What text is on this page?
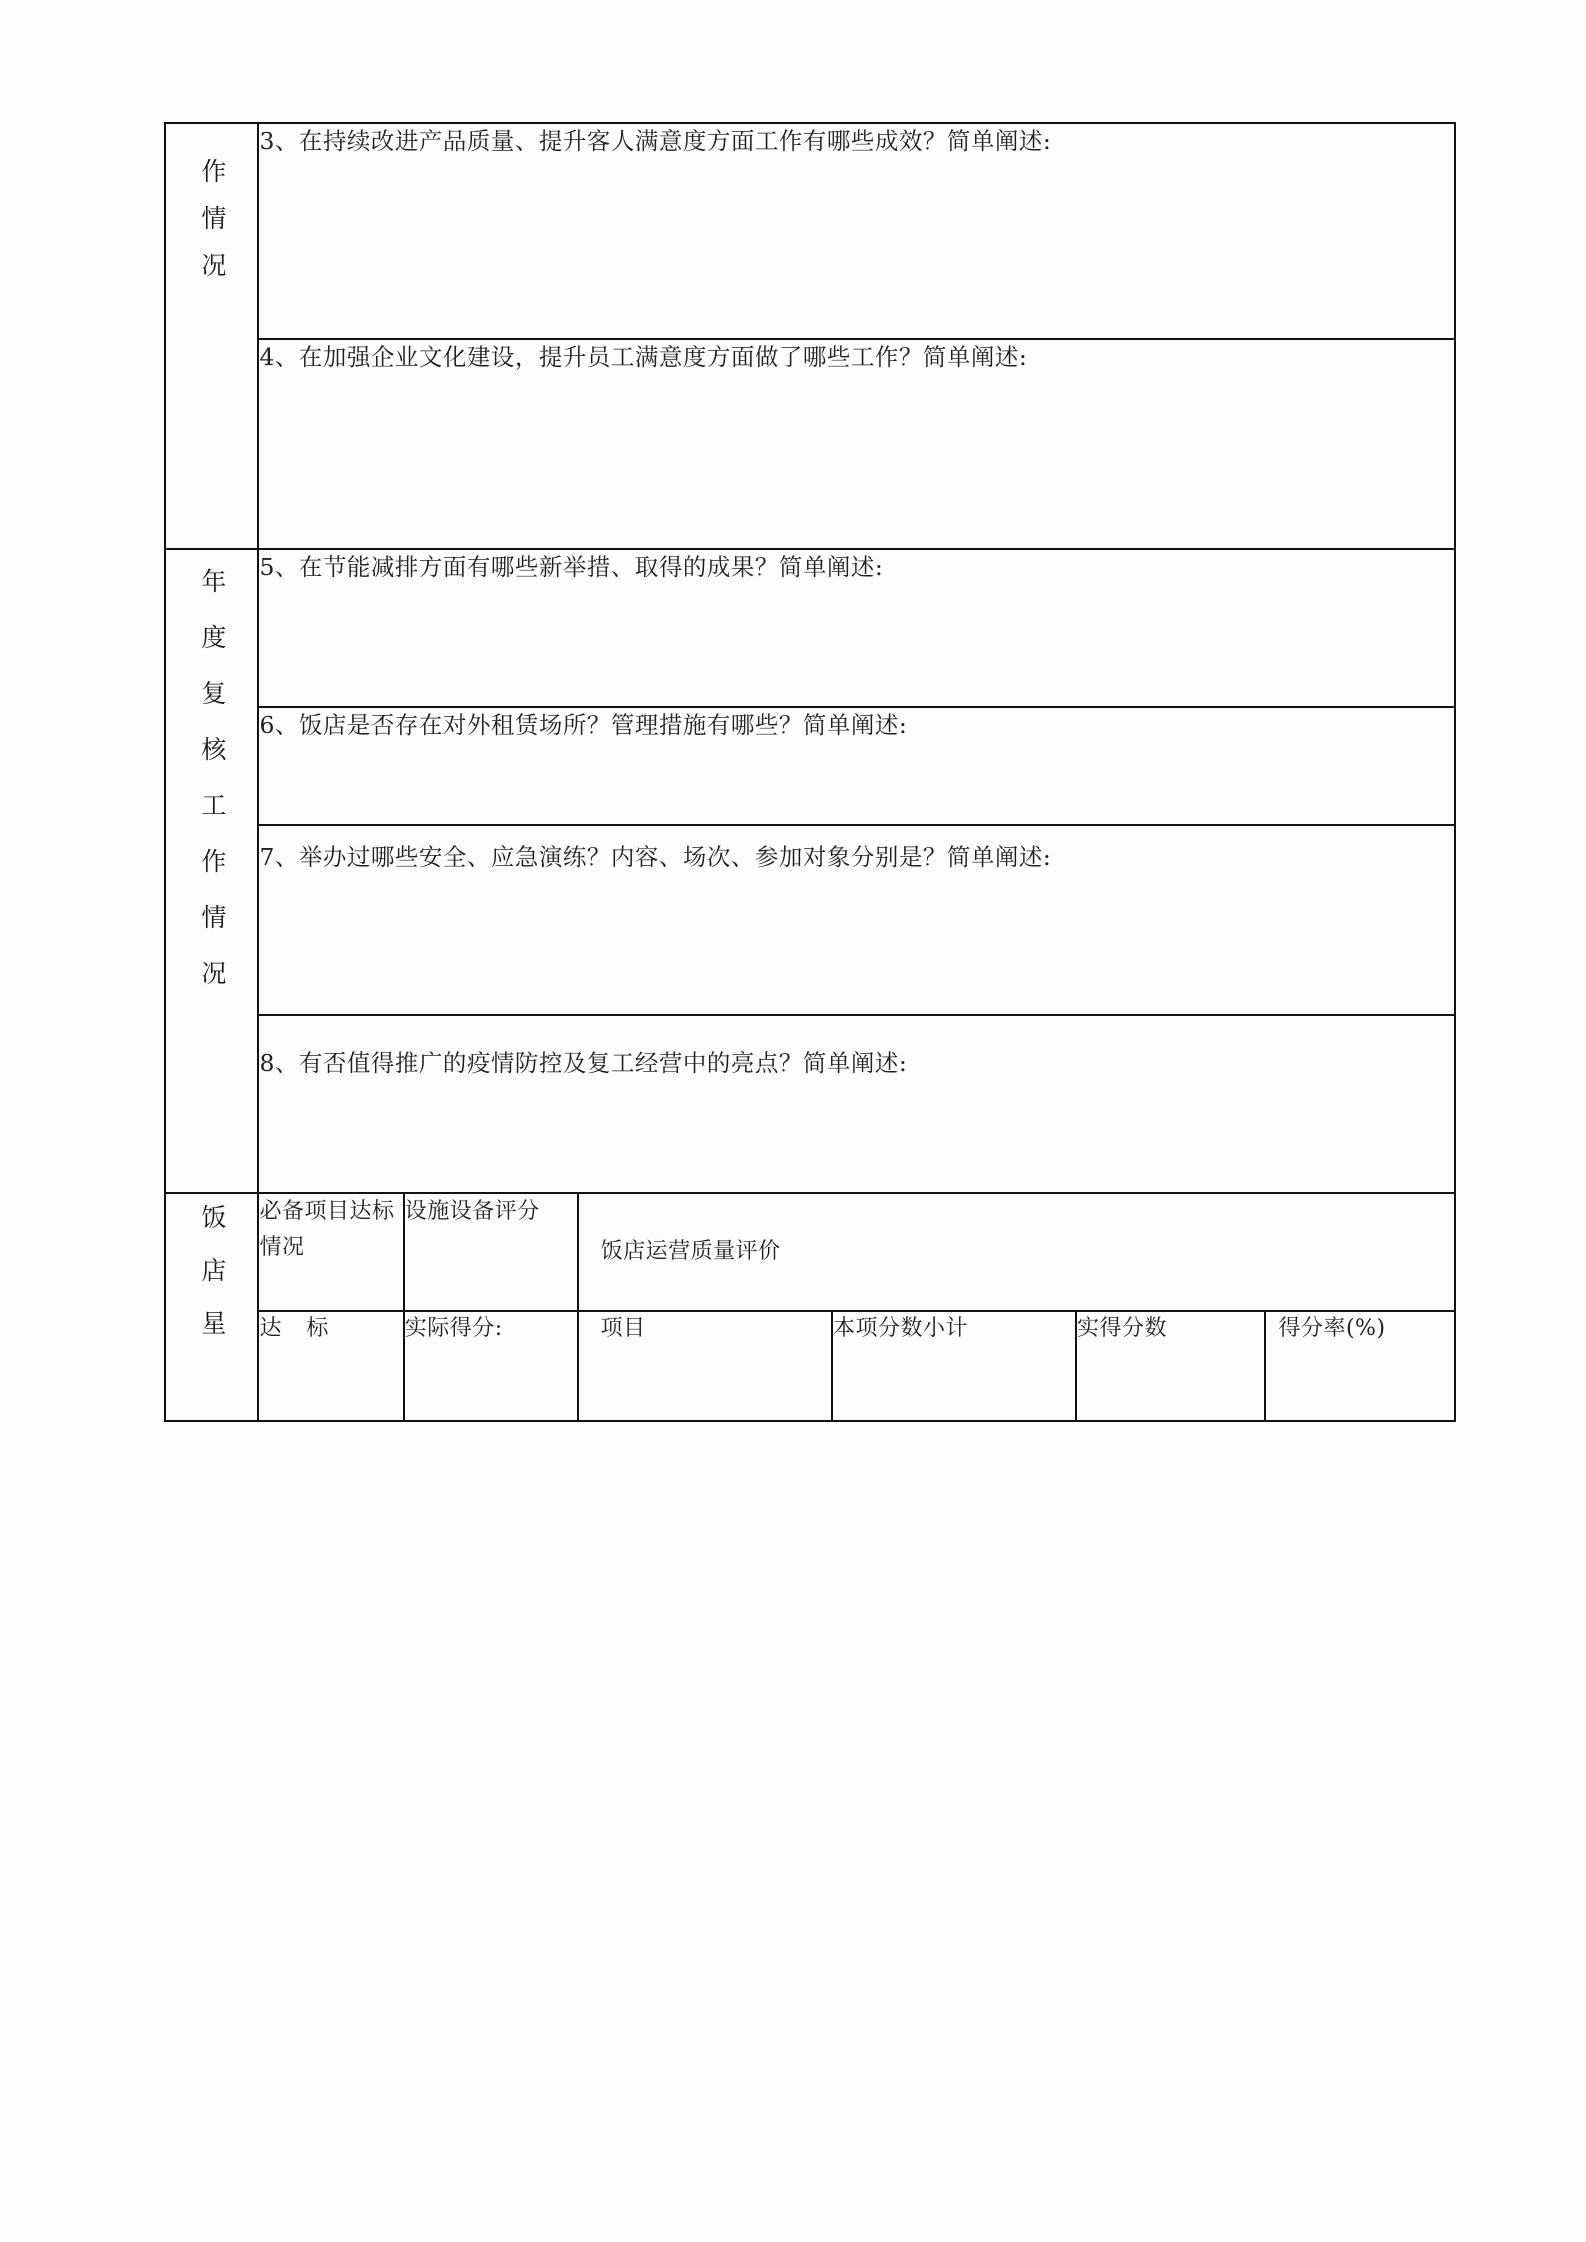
作情况	3、在持续改进产品质量、提升客人满意度方面工作有哪些成效？简单阐述:					

	4、在加强企业文化建设，提升员工满意度方面做了哪些工作？简单阐述:					

年度复核工作情况	5、在节能减排方面有哪些新举措、取得的成果？简单阐述:					

	6、饭店是否存在对外租赁场所？管理措施有哪些？简单阐述:					

	7、举办过哪些安全、应急演练？内容、场次、参加对象分别是？简单阐述:					

	8、有否值得推广的疫情防控及复工经营中的亮点？简单阐述:					

饭店星	必备项目达标情况	设施设备评分	饭店运营质量评价			
	达 标	实际得分:	项目	本项分数小计	实得分数	得分率(%)
